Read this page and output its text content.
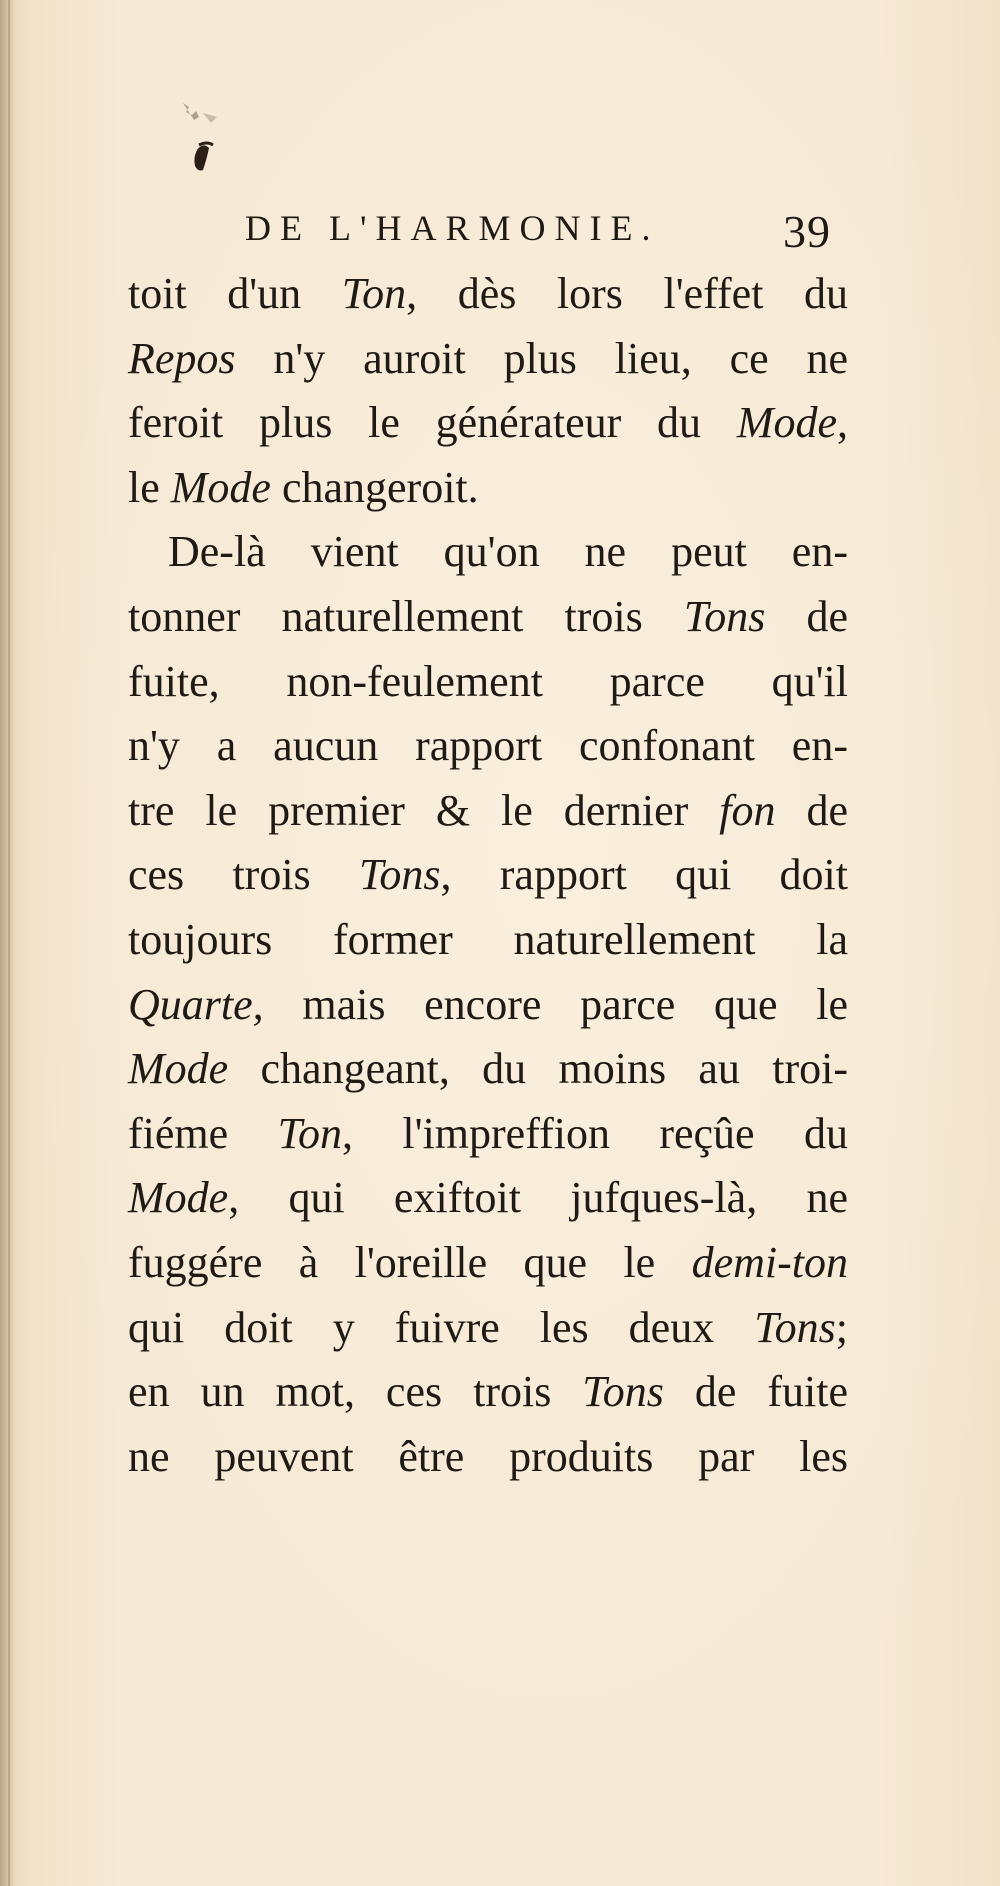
DE L'HARMONIE.	39
toit d'un Ton, dès lors l'effet du
Repos n'y auroit plus lieu, ce ne
feroit plus le générateur du Mode,
le Mode changeroit.
De-là vient qu'on ne peut en-
tonner naturellement trois Tons de
fuite, non-feulement parce qu'il
n'y a aucun rapport confonant en-
tre le premier & le dernier fon de
ces trois Tons, rapport qui doit
toujours former naturellement la
Quarte, mais encore parce que le
Mode changeant, du moins au troi-
fiéme Ton, l'impreffion reçûe du
Mode, qui exiftoit jufques-là, ne
fuggére à l'oreille que le demi-ton
qui doit y fuivre les deux Tons;
en un mot, ces trois Tons de fuite
ne peuvent être produits par les
